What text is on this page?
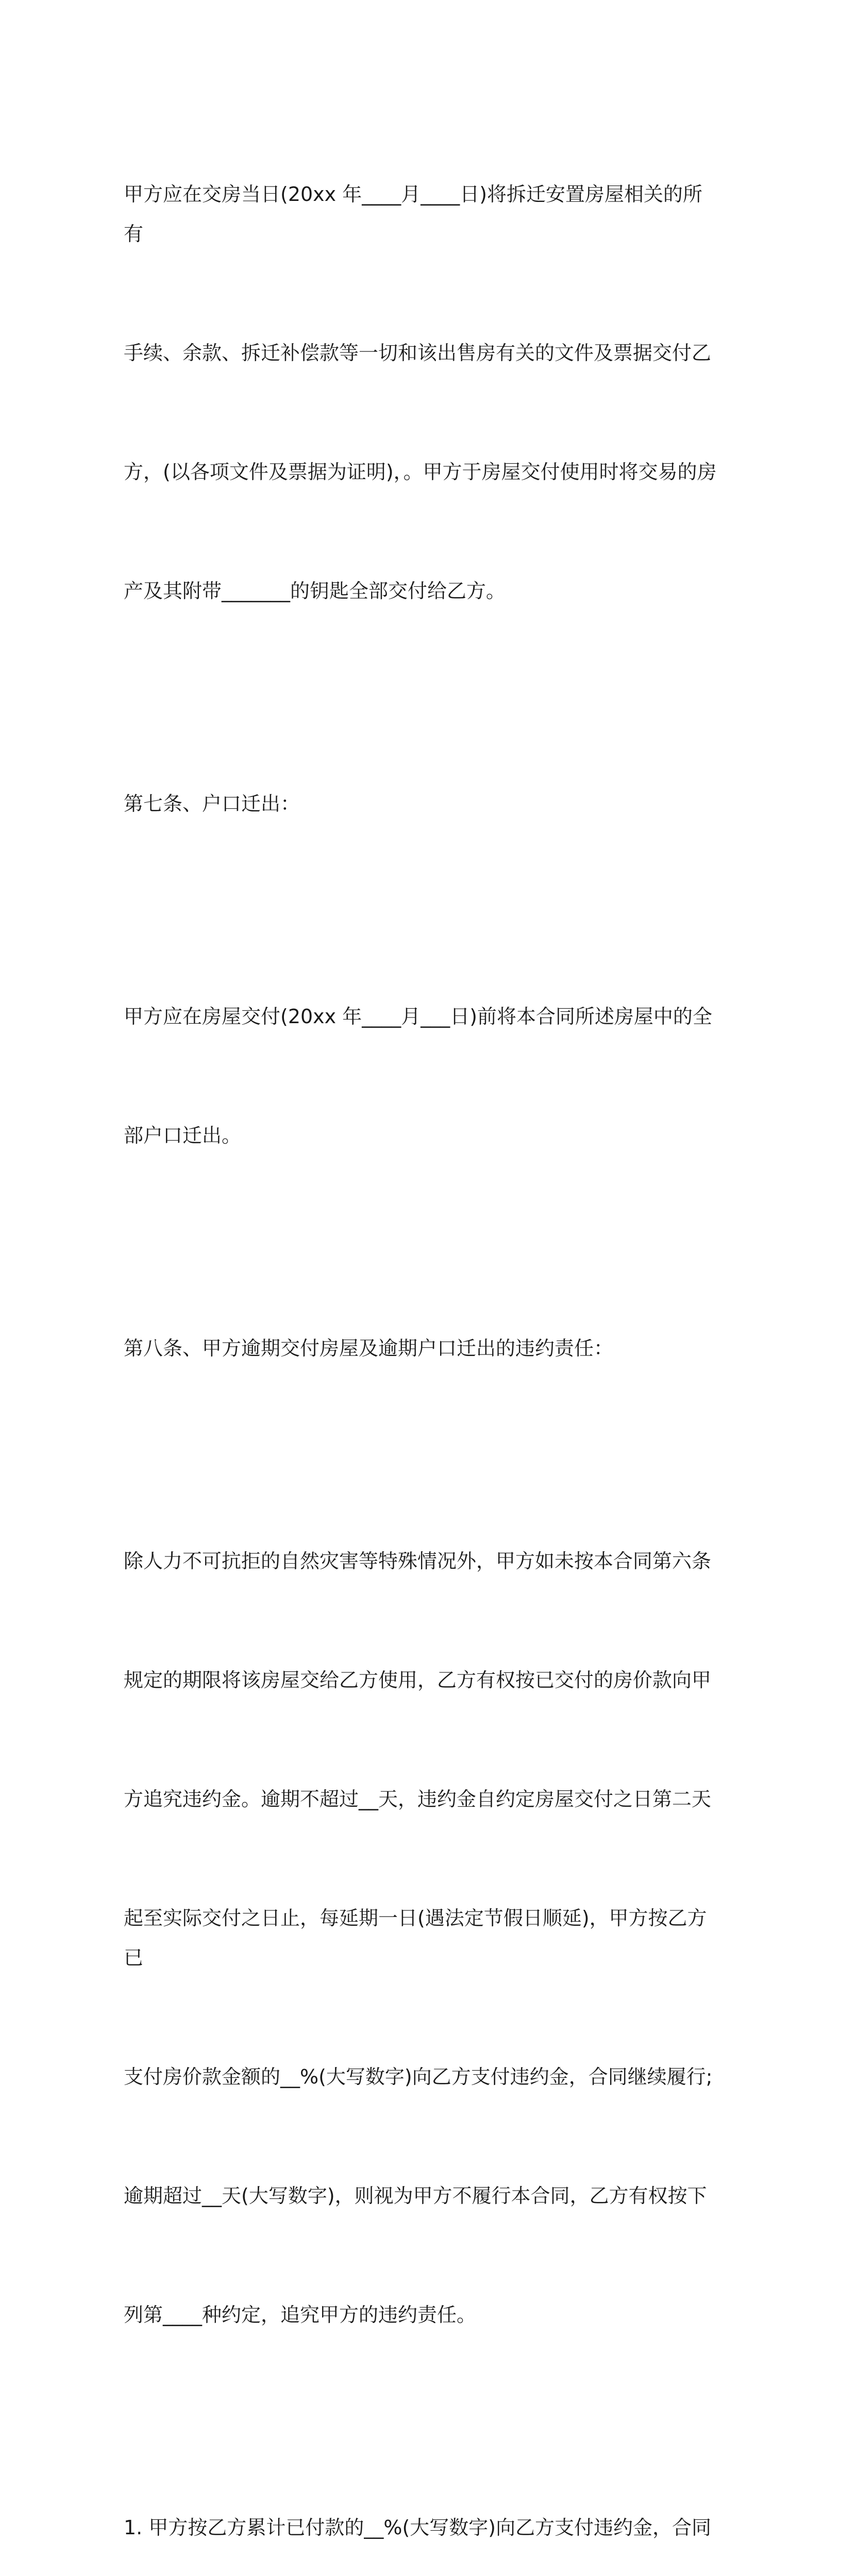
甲方应在交房当日(20xx 年____月____日)将拆迁安置房屋相关的所有

手续、余款、拆迁补偿款等一切和该出售房有关的文件及票据交付乙

方，(以各项文件及票据为证明)，。甲方于房屋交付使用时将交易的房

产及其附带_______的钥匙全部交付给乙方。

第七条、户口迁出：

甲方应在房屋交付(20xx 年____月___日)前将本合同所述房屋中的全

部户口迁出。

第八条、甲方逾期交付房屋及逾期户口迁出的违约责任：

除人力不可抗拒的自然灾害等特殊情况外，甲方如未按本合同第六条

规定的期限将该房屋交给乙方使用，乙方有权按已交付的房价款向甲

方追究违约金。逾期不超过__天，违约金自约定房屋交付之日第二天

起至实际交付之日止，每延期一日(遇法定节假日顺延)，甲方按乙方已

支付房价款金额的__%(大写数字)向乙方支付违约金，合同继续履行;

逾期超过__天(大写数字)，则视为甲方不履行本合同，乙方有权按下

列第____种约定，追究甲方的违约责任。

1. 甲方按乙方累计已付款的__%(大写数字)向乙方支付违约金，合同
